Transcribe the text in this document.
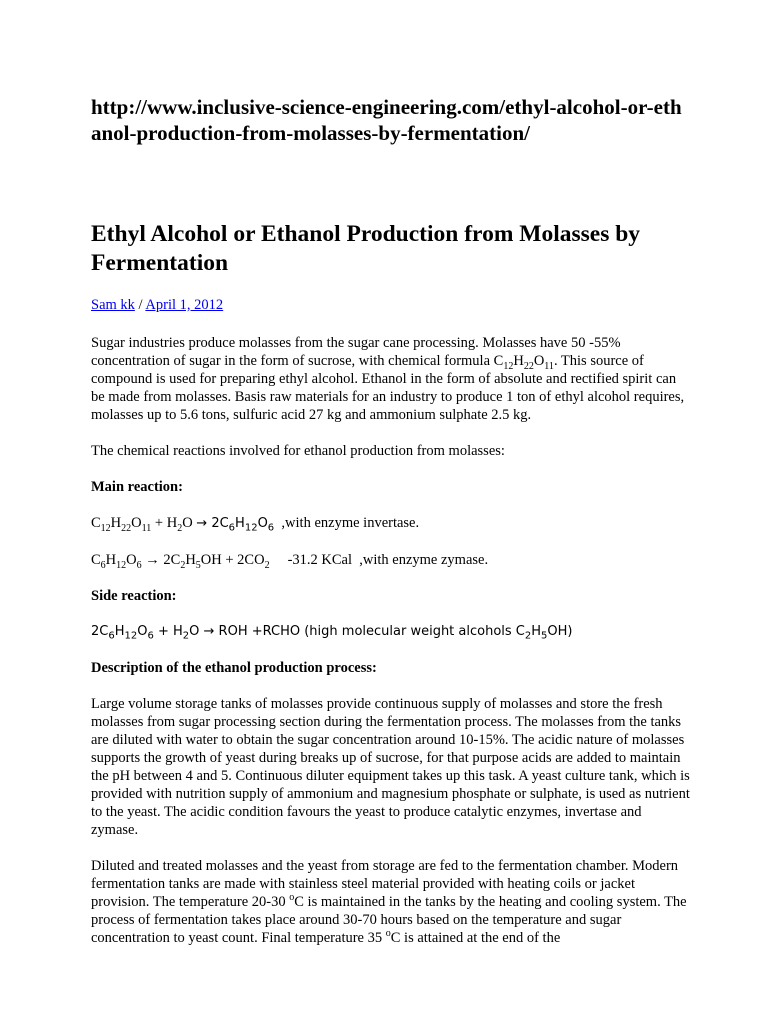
http://www.inclusive-science-engineering.com/ethyl-alcohol-or-ethanol-production-from-molasses-by-fermentation/
Ethyl Alcohol or Ethanol Production from Molasses by Fermentation
Sam kk / April 1, 2012

Sugar industries produce molasses from the sugar cane processing. Molasses have 50 -55% concentration of sugar in the form of sucrose, with chemical formula $C_{12}H_{22}O_{11}$. This source of compound is used for preparing ethyl alcohol. Ethanol in the form of absolute and rectified spirit can be made from molasses. Basis raw materials for an industry to produce 1 ton of ethyl alcohol requires, molasses up to 5.6 tons, sulfuric acid 27 kg and ammonium sulphate 2.5 kg.

The chemical reactions involved for ethanol production from molasses:

Main reaction:

$C_{12}H_{22}O_{11} + H_2O \to 2C_6H_{12}O_6$ ,with enzyme invertase.

$C_6H_{12}O_6 \to 2C_2H_5OH + 2CO_2$ -31.2 KCal ,with enzyme zymase.

Side reaction:

$2C_6H_{12}O_6 + H_2O$ → ROH +RCHO (high molecular weight alcohols $C_2H_5OH$)

Description of the ethanol production process:

Large volume storage tanks of molasses provide continuous supply of molasses and store the fresh molasses from sugar processing section during the fermentation process. The molasses from the tanks are diluted with water to obtain the sugar concentration around 10-15%. The acidic nature of molasses supports the growth of yeast during breaks up of sucrose, for that purpose acids are added to maintain the pH between 4 and 5. Continuous diluter equipment takes up this task. A yeast culture tank, which is provided with nutrition supply of ammonium and magnesium phosphate or sulphate, is used as nutrient to the yeast. The acidic condition favours the yeast to produce catalytic enzymes, invertase and zymase.

Diluted and treated molasses and the yeast from storage are fed to the fermentation chamber. Modern fermentation tanks are made with stainless steel material provided with heating coils or jacket provision. The temperature 20-30 $^o$C is maintained in the tanks by the heating and cooling system. The process of fermentation takes place around 30-70 hours based on the temperature and sugar concentration to yeast count. Final temperature 35 $^o$C is attained at the end of the
